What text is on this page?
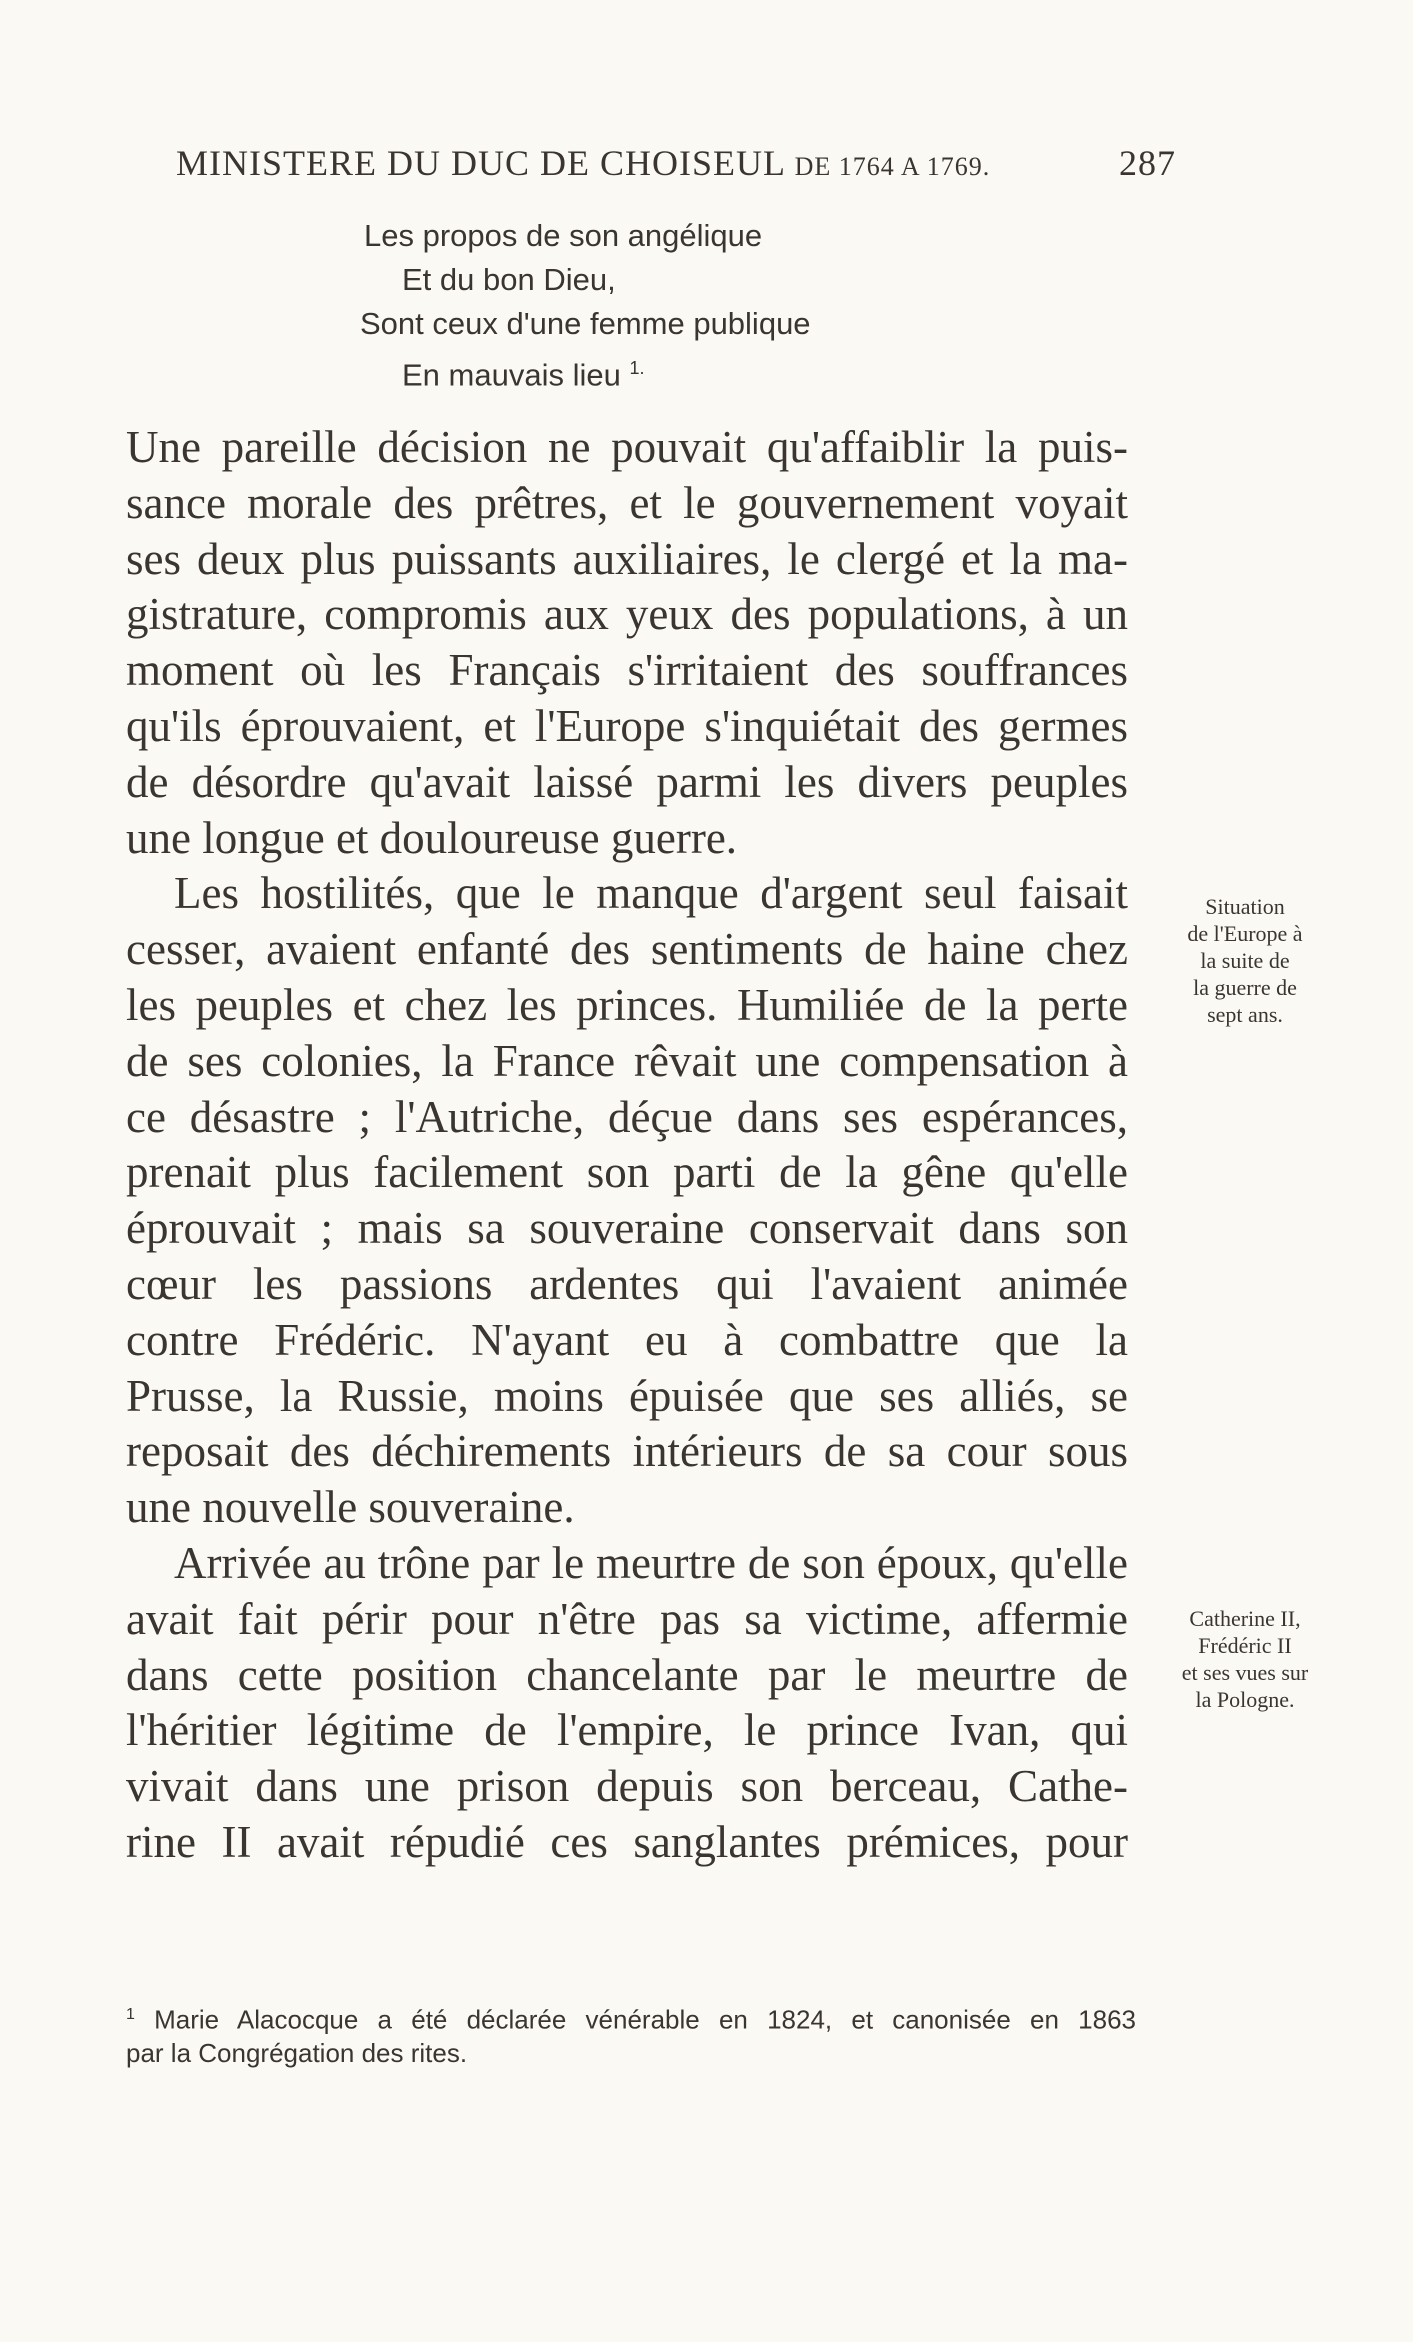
MINISTERE DU DUC DE CHOISEUL DE 1764 A 1769.	287
Les propos de son angélique
Et du bon Dieu,
Sont ceux d'une femme publique
En mauvais lieu $^{1.}$
Une pareille décision ne pouvait qu'affaiblir la puis-
sance morale des prêtres, et le gouvernement voyait
ses deux plus puissants auxiliaires, le clergé et la ma-
gistrature, compromis aux yeux des populations, à un
moment où les Français s'irritaient des souffrances
qu'ils éprouvaient, et l'Europe s'inquiétait des germes
de désordre qu'avait laissé parmi les divers peuples
une longue et douloureuse guerre.
Les hostilités, que le manque d'argent seul faisait
cesser, avaient enfanté des sentiments de haine chez
les peuples et chez les princes. Humiliée de la perte
de ses colonies, la France rêvait une compensation à
ce désastre ; l'Autriche, déçue dans ses espérances,
prenait plus facilement son parti de la gêne qu'elle
éprouvait ; mais sa souveraine conservait dans son
cœur les passions ardentes qui l'avaient animée
contre Frédéric. N'ayant eu à combattre que la
Prusse, la Russie, moins épuisée que ses alliés, se
reposait des déchirements intérieurs de sa cour sous
une nouvelle souveraine.
Arrivée au trône par le meurtre de son époux, qu'elle
avait fait périr pour n'être pas sa victime, affermie
dans cette position chancelante par le meurtre de
l'héritier légitime de l'empire, le prince Ivan, qui
vivait dans une prison depuis son berceau, Cathe-
rine II avait répudié ces sanglantes prémices, pour
Situation
de l'Europe à
la suite de
la guerre de
sept ans.
Catherine II,
Frédéric II
et ses vues sur
la Pologne.
$^1$ Marie Alacocque a été déclarée vénérable en 1824, et canonisée en 1863
par la Congrégation des rites.
